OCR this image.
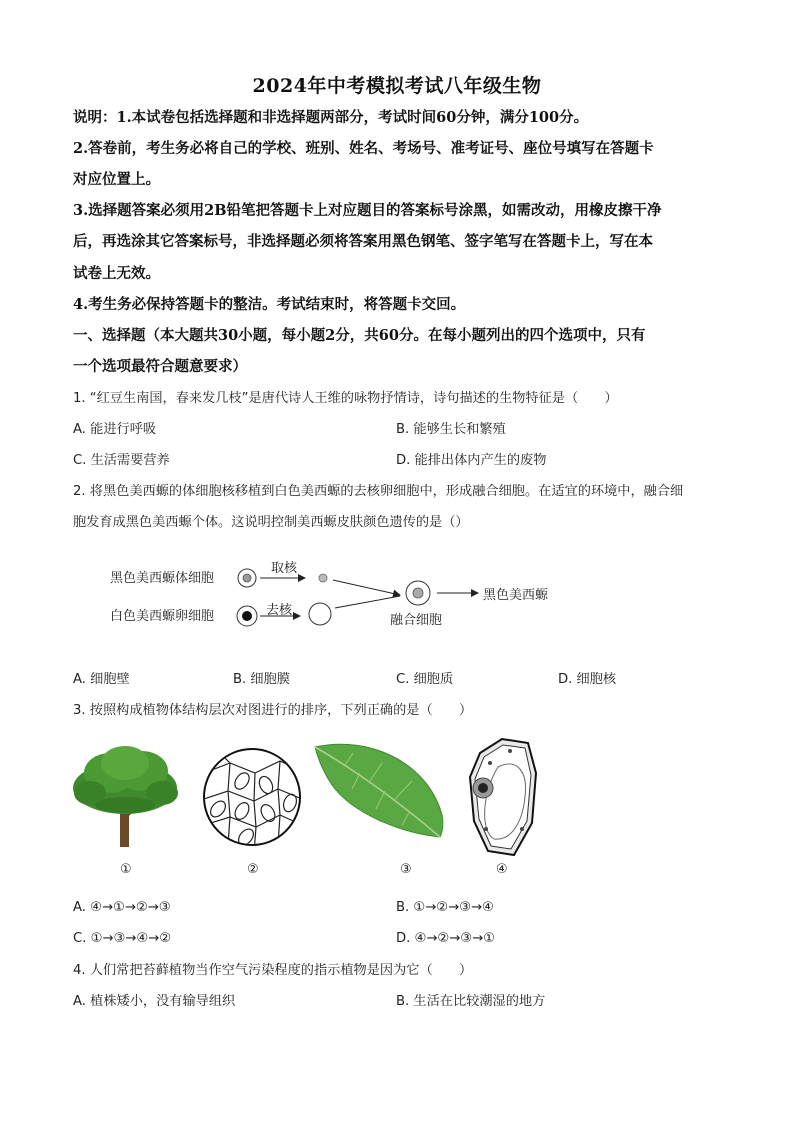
2024年中考模拟考试八年级生物
说明：1.本试卷包括选择题和非选择题两部分，考试时间60分钟，满分100分。
2.答卷前，考生务必将自己的学校、班别、姓名、考场号、准考证号、座位号填写在答题卡
对应位置上。
3.选择题答案必须用2B铅笔把答题卡上对应题目的答案标号涂黑，如需改动，用橡皮擦干净
后，再选涂其它答案标号，非选择题必须将答案用黑色钢笔、签字笔写在答题卡上，写在本
试卷上无效。
4.考生务必保持答题卡的整洁。考试结束时，将答题卡交回。
一、选择题（本大题共30小题，每小题2分，共60分。在每小题列出的四个选项中，只有
一个选项最符合题意要求）
1. “红豆生南国，春来发几枝”是唐代诗人王维的咏物抒情诗，诗句描述的生物特征是（　　）
A. 能进行呼吸	B. 能够生长和繁殖
C. 生活需要营养	D. 能排出体内产生的废物
2. 将黑色美西螈的体细胞核移植到白色美西螈的去核卵细胞中，形成融合细胞。在适宜的环境中，融合细
胞发育成黑色美西螈个体。这说明控制美西螈皮肤颜色遗传的是（）
黑色美西螈体细胞
白色美西螈卵细胞
取核
去核
融合细胞
黑色美西螈
A. 细胞壁	B. 细胞膜	C. 细胞质	D. 细胞核
3. 按照构成植物体结构层次对图进行的排序，下列正确的是（　　）
①	②	③	④
A. ④→①→②→③	B. ①→②→③→④
C. ①→③→④→②	D. ④→②→③→①
4. 人们常把苔藓植物当作空气污染程度的指示植物是因为它（　　）
A. 植株矮小，没有输导组织	B. 生活在比较潮湿的地方
